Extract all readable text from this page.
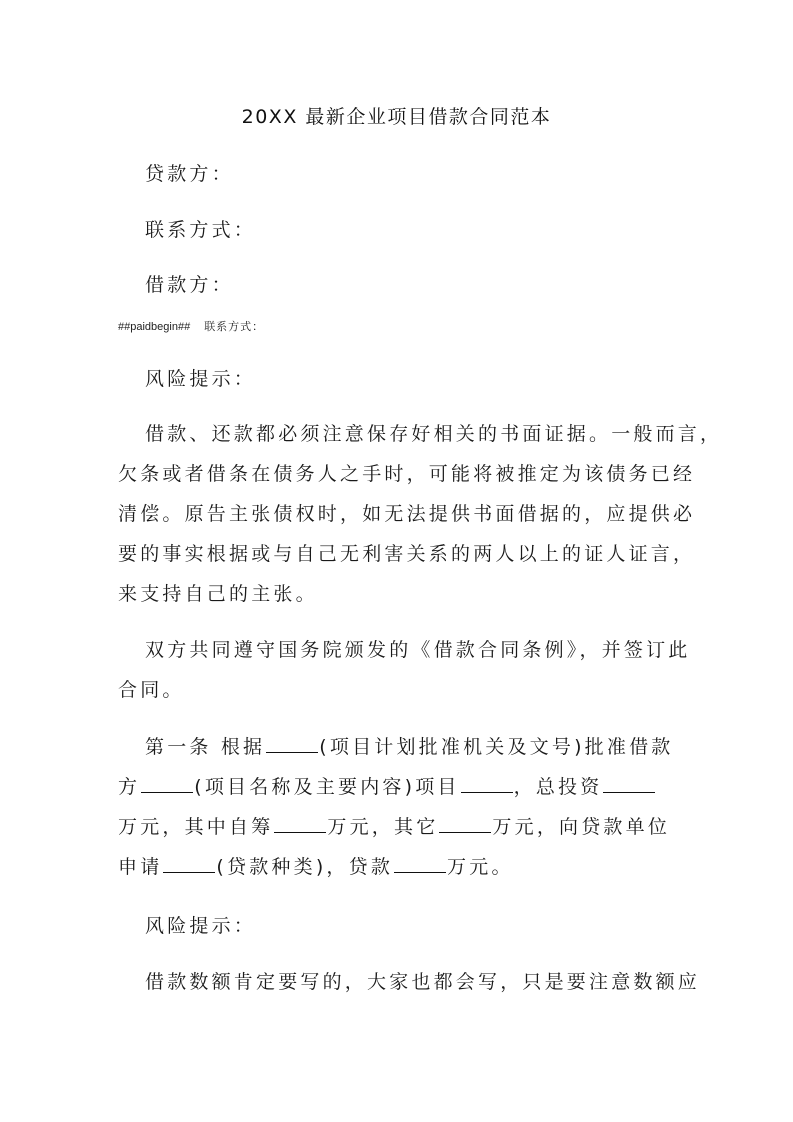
20XX 最新企业项目借款合同范本
贷款方：
联系方式：
借款方：
##paidbegin## 联系方式：
风险提示：
借款、还款都必须注意保存好相关的书面证据。一般而言，
欠条或者借条在债务人之手时，可能将被推定为该债务已经
清偿。原告主张债权时，如无法提供书面借据的，应提供必
要的事实根据或与自己无利害关系的两人以上的证人证言，
来支持自己的主张。
双方共同遵守国务院颁发的《借款合同条例》，并签订此
合同。
第一条 根据	(项目计划批准机关及文号)批准借款
方	(项目名称及主要内容)项目	，总投资
万元，其中自筹	万元，其它	万元，向贷款单位
申请	(贷款种类)，贷款	万元。
风险提示：
借款数额肯定要写的，大家也都会写，只是要注意数额应
